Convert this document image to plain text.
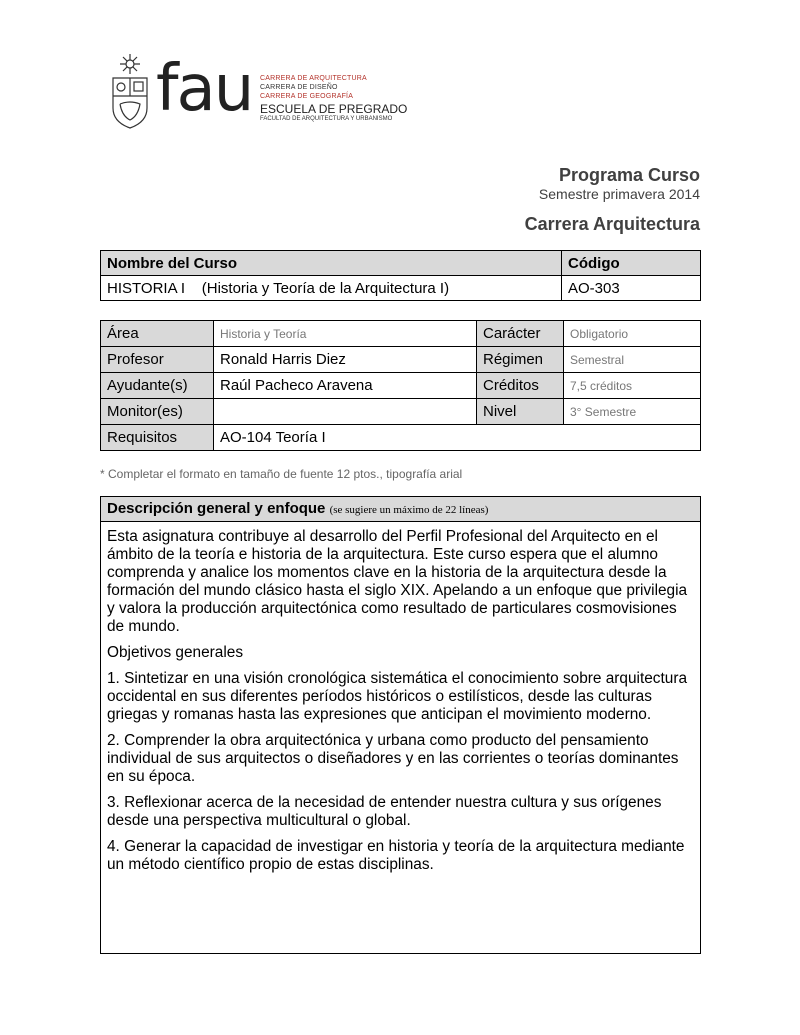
fau CARRERA DE ARQUITECTURA
CARRERA DE DISEÑO
CARRERA DE GEOGRAFÍA
ESCUELA DE PREGRADO
FACULTAD DE ARQUITECTURA Y URBANISMO
Programa Curso
Semestre primavera 2014
Carrera Arquitectura
Nombre del Curso	Código
HISTORIA I    (Historia y Teoría de la Arquitectura I)	AO-303
Área	Historia y Teoría	Carácter	Obligatorio
Profesor	Ronald Harris Diez	Régimen	Semestral
Ayudante(s)	Raúl Pacheco Aravena	Créditos	7,5 créditos
Monitor(es)		Nivel	3° Semestre
Requisitos	AO-104 Teoría I		
* Completar el formato en tamaño de fuente 12 ptos., tipografía arial
Descripción general y enfoque (se sugiere un máximo de 22 líneas)

Esta asignatura contribuye al desarrollo del Perfil Profesional del Arquitecto en el ámbito de la teoría e historia de la arquitectura. Este curso espera que el alumno comprenda y analice los momentos clave en la historia de la arquitectura desde la formación del mundo clásico hasta el siglo XIX. Apelando a un enfoque que privilegia y valora la producción arquitectónica como resultado de particulares cosmovisiones de mundo.

Objetivos generales

1. Sintetizar en una visión cronológica sistemática el conocimiento sobre arquitectura occidental en sus diferentes períodos históricos o estilísticos, desde las culturas griegas y romanas hasta las expresiones que anticipan el movimiento moderno.

2. Comprender la obra arquitectónica y urbana como producto del pensamiento individual de sus arquitectos o diseñadores y en las corrientes o teorías dominantes en su época.

3. Reflexionar acerca de la necesidad de entender nuestra cultura y sus orígenes desde una perspectiva multicultural o global.

4. Generar la capacidad de investigar en historia y teoría de la arquitectura mediante un método científico propio de estas disciplinas.
